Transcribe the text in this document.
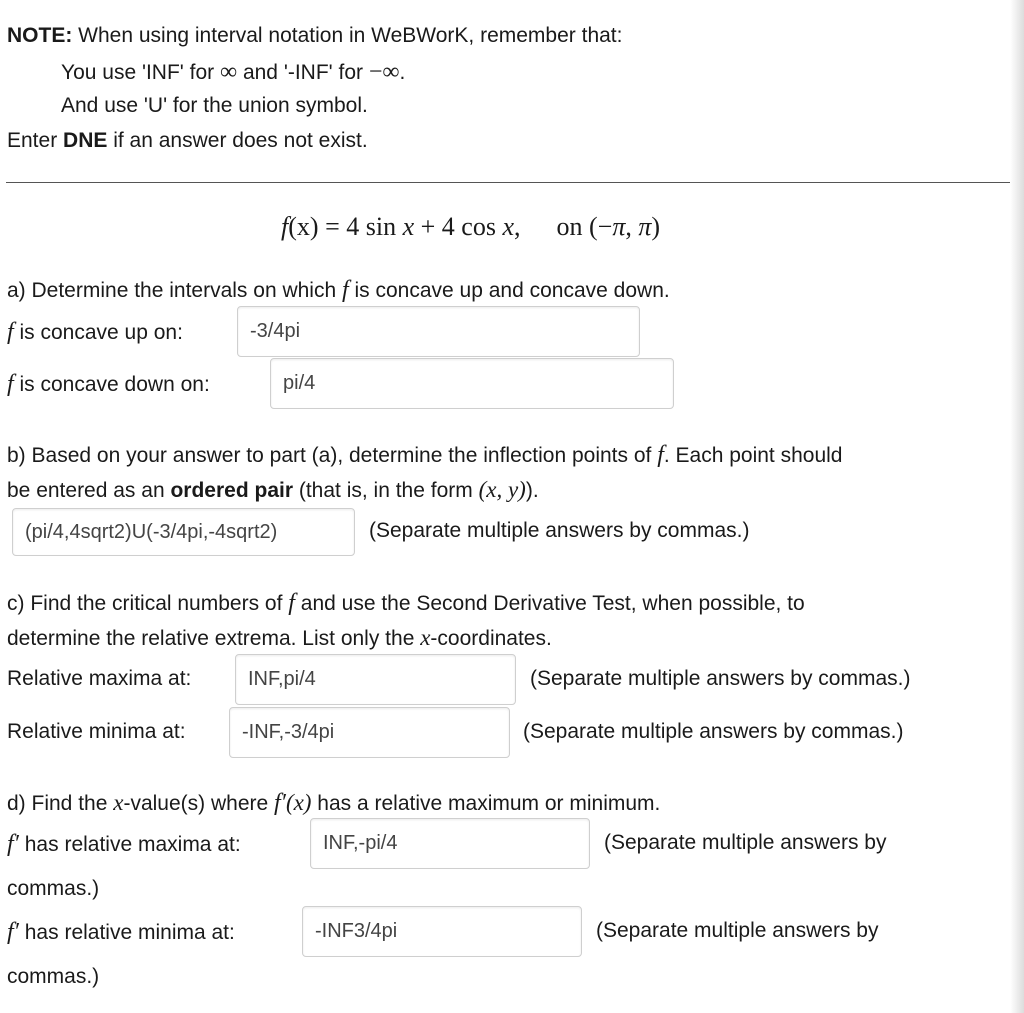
NOTE: When using interval notation in WeBWorK, remember that:
You use 'INF' for ∞ and '-INF' for −∞.
And use 'U' for the union symbol.
Enter DNE if an answer does not exist.
f(x) = 4 sin x + 4 cos x, on (−π, π)
a) Determine the intervals on which f is concave up and concave down.
f is concave up on:	-3/4pi
f is concave down on:	pi/4
b) Based on your answer to part (a), determine the inflection points of f. Each point should
be entered as an ordered pair (that is, in the form (x, y)).
(pi/4,4sqrt2)U(-3/4pi,-4sqrt2)	(Separate multiple answers by commas.)
c) Find the critical numbers of f and use the Second Derivative Test, when possible, to
determine the relative extrema. List only the x-coordinates.
Relative maxima at:	INF,pi/4	(Separate multiple answers by commas.)
Relative minima at:	-INF,-3/4pi	(Separate multiple answers by commas.)
d) Find the x-value(s) where f′(x) has a relative maximum or minimum.
f′ has relative maxima at:	INF,-pi/4	(Separate multiple answers by
commas.)
f′ has relative minima at:	-INF3/4pi	(Separate multiple answers by
commas.)
